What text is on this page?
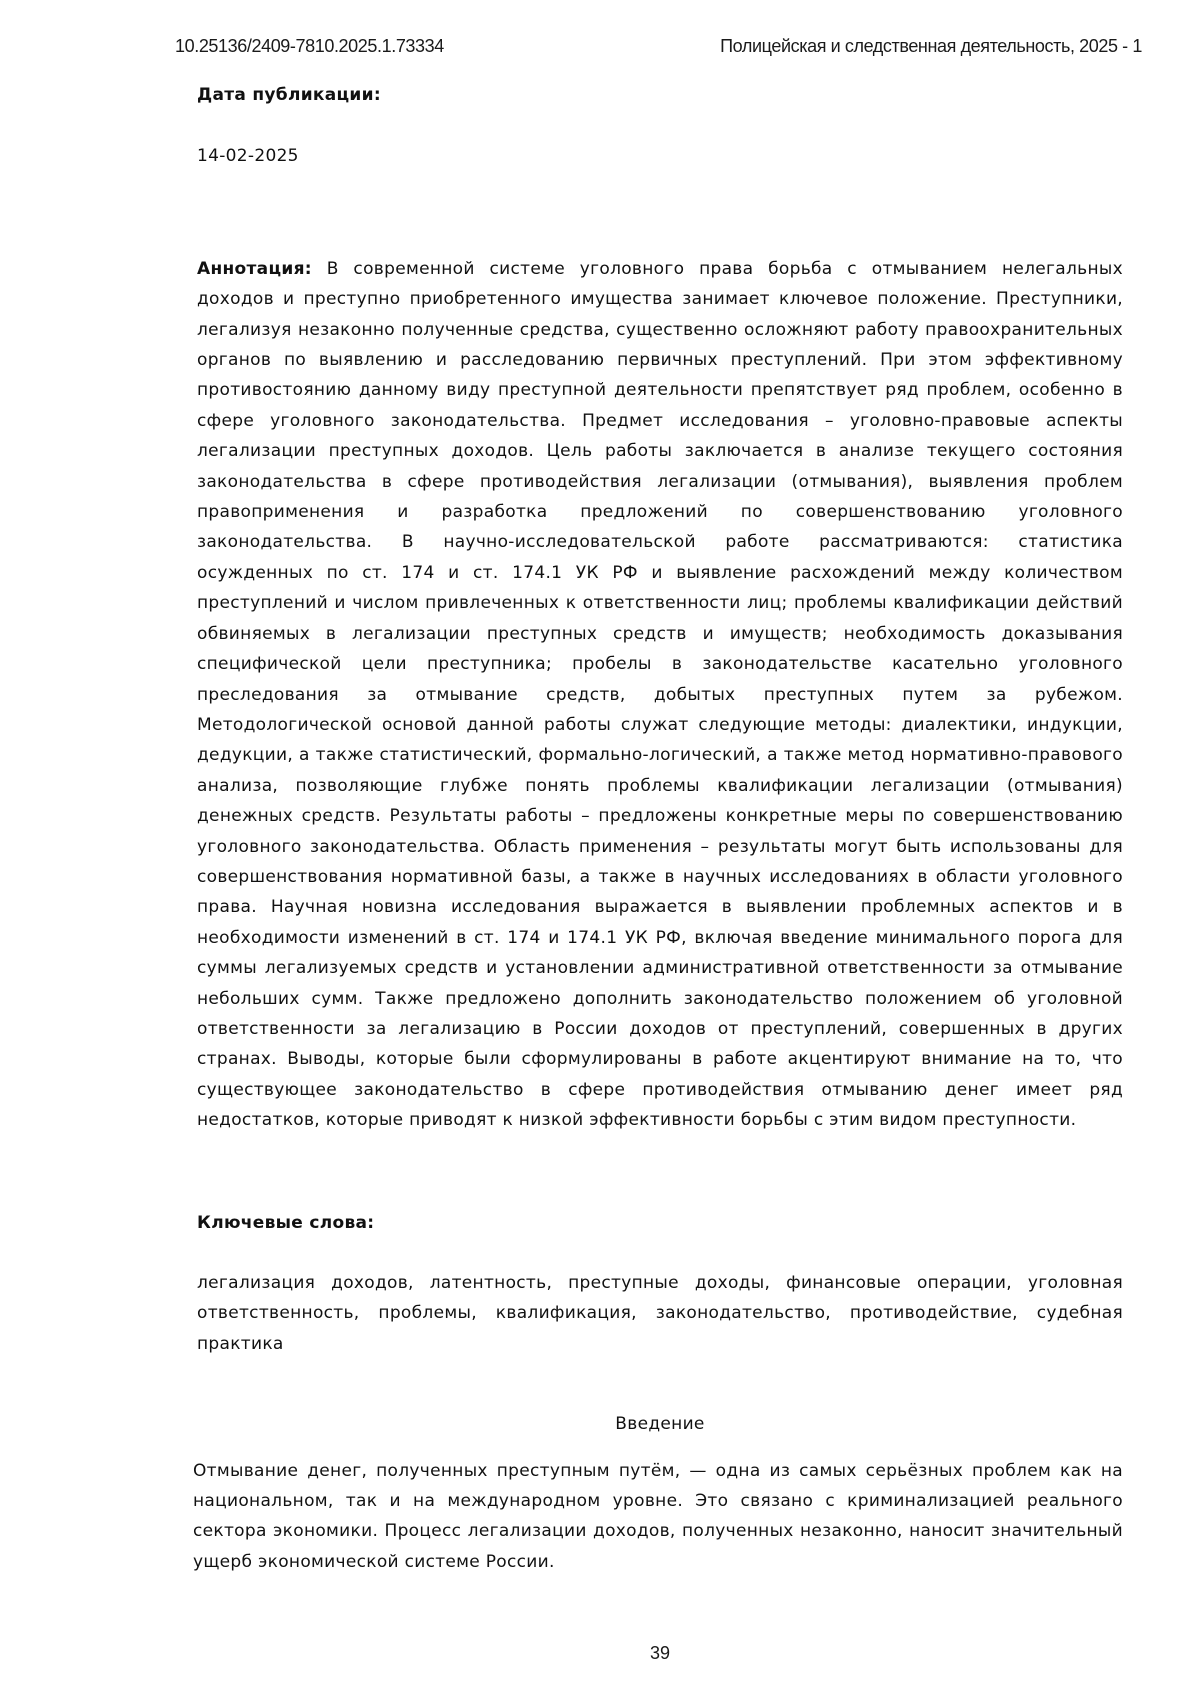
10.25136/2409-7810.2025.1.73334	Полицейская и следственная деятельность, 2025 - 1

Дата публикации:

14-02-2025

Аннотация: В современной системе уголовного права борьба с отмыванием нелегальных доходов и преступно приобретенного имущества занимает ключевое положение. Преступники, легализуя незаконно полученные средства, существенно осложняют работу правоохранительных органов по выявлению и расследованию первичных преступлений. При этом эффективному противостоянию данному виду преступной деятельности препятствует ряд проблем, особенно в сфере уголовного законодательства. Предмет исследования – уголовно-правовые аспекты легализации преступных доходов. Цель работы заключается в анализе текущего состояния законодательства в сфере противодействия легализации (отмывания), выявления проблем правоприменения и разработка предложений по совершенствованию уголовного законодательства. В научно-исследовательской работе рассматриваются: статистика осужденных по ст. 174 и ст. 174.1 УК РФ и выявление расхождений между количеством преступлений и числом привлеченных к ответственности лиц; проблемы квалификации действий обвиняемых в легализации преступных средств и имуществ; необходимость доказывания специфической цели преступника; пробелы в законодательстве касательно уголовного преследования за отмывание средств, добытых преступных путем за рубежом. Методологической основой данной работы служат следующие методы: диалектики, индукции, дедукции, а также статистический, формально-логический, а также метод нормативно-правового анализа, позволяющие глубже понять проблемы квалификации легализации (отмывания) денежных средств. Результаты работы – предложены конкретные меры по совершенствованию уголовного законодательства. Область применения – результаты могут быть использованы для совершенствования нормативной базы, а также в научных исследованиях в области уголовного права. Научная новизна исследования выражается в выявлении проблемных аспектов и в необходимости изменений в ст. 174 и 174.1 УК РФ, включая введение минимального порога для суммы легализуемых средств и установлении административной ответственности за отмывание небольших сумм. Также предложено дополнить законодательство положением об уголовной ответственности за легализацию в России доходов от преступлений, совершенных в других странах. Выводы, которые были сформулированы в работе акцентируют внимание на то, что существующее законодательство в сфере противодействия отмыванию денег имеет ряд недостатков, которые приводят к низкой эффективности борьбы с этим видом преступности.

Ключевые слова:

легализация доходов, латентность, преступные доходы, финансовые операции, уголовная ответственность, проблемы, квалификация, законодательство, противодействие, судебная практика

Введение

Отмывание денег, полученных преступным путём, — одна из самых серьёзных проблем как на национальном, так и на международном уровне. Это связано с криминализацией реального сектора экономики. Процесс легализации доходов, полученных незаконно, наносит значительный ущерб экономической системе России.

39
